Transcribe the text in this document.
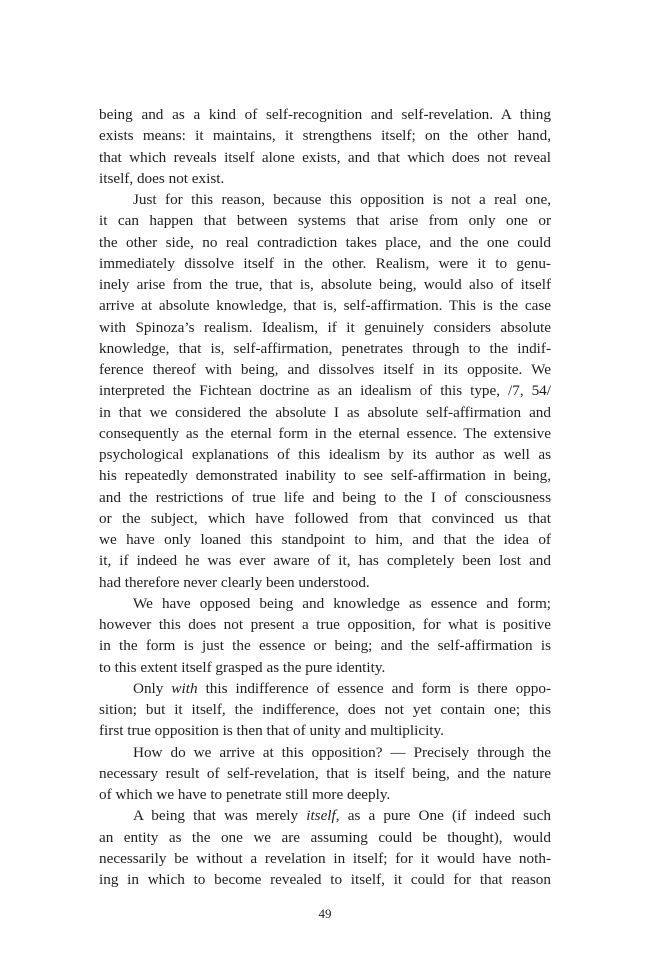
being and as a kind of self-recognition and self-revelation. A thing
exists means: it maintains, it strengthens itself; on the other hand,
that which reveals itself alone exists, and that which does not reveal
itself, does not exist.
Just for this reason, because this opposition is not a real one,
it can happen that between systems that arise from only one or
the other side, no real contradiction takes place, and the one could
immediately dissolve itself in the other. Realism, were it to genu-
inely arise from the true, that is, absolute being, would also of itself
arrive at absolute knowledge, that is, self-affirmation. This is the case
with Spinoza’s realism. Idealism, if it genuinely considers absolute
knowledge, that is, self-affirmation, penetrates through to the indif-
ference thereof with being, and dissolves itself in its opposite. We
interpreted the Fichtean doctrine as an idealism of this type, /7, 54/
in that we considered the absolute I as absolute self-affirmation and
consequently as the eternal form in the eternal essence. The extensive
psychological explanations of this idealism by its author as well as
his repeatedly demonstrated inability to see self-affirmation in being,
and the restrictions of true life and being to the I of consciousness
or the subject, which have followed from that convinced us that
we have only loaned this standpoint to him, and that the idea of
it, if indeed he was ever aware of it, has completely been lost and
had therefore never clearly been understood.
We have opposed being and knowledge as essence and form;
however this does not present a true opposition, for what is positive
in the form is just the essence or being; and the self-affirmation is
to this extent itself grasped as the pure identity.
Only with this indifference of essence and form is there oppo-
sition; but it itself, the indifference, does not yet contain one; this
first true opposition is then that of unity and multiplicity.
How do we arrive at this opposition? — Precisely through the
necessary result of self-revelation, that is itself being, and the nature
of which we have to penetrate still more deeply.
A being that was merely itself, as a pure One (if indeed such
an entity as the one we are assuming could be thought), would
necessarily be without a revelation in itself; for it would have noth-
ing in which to become revealed to itself, it could for that reason
49
